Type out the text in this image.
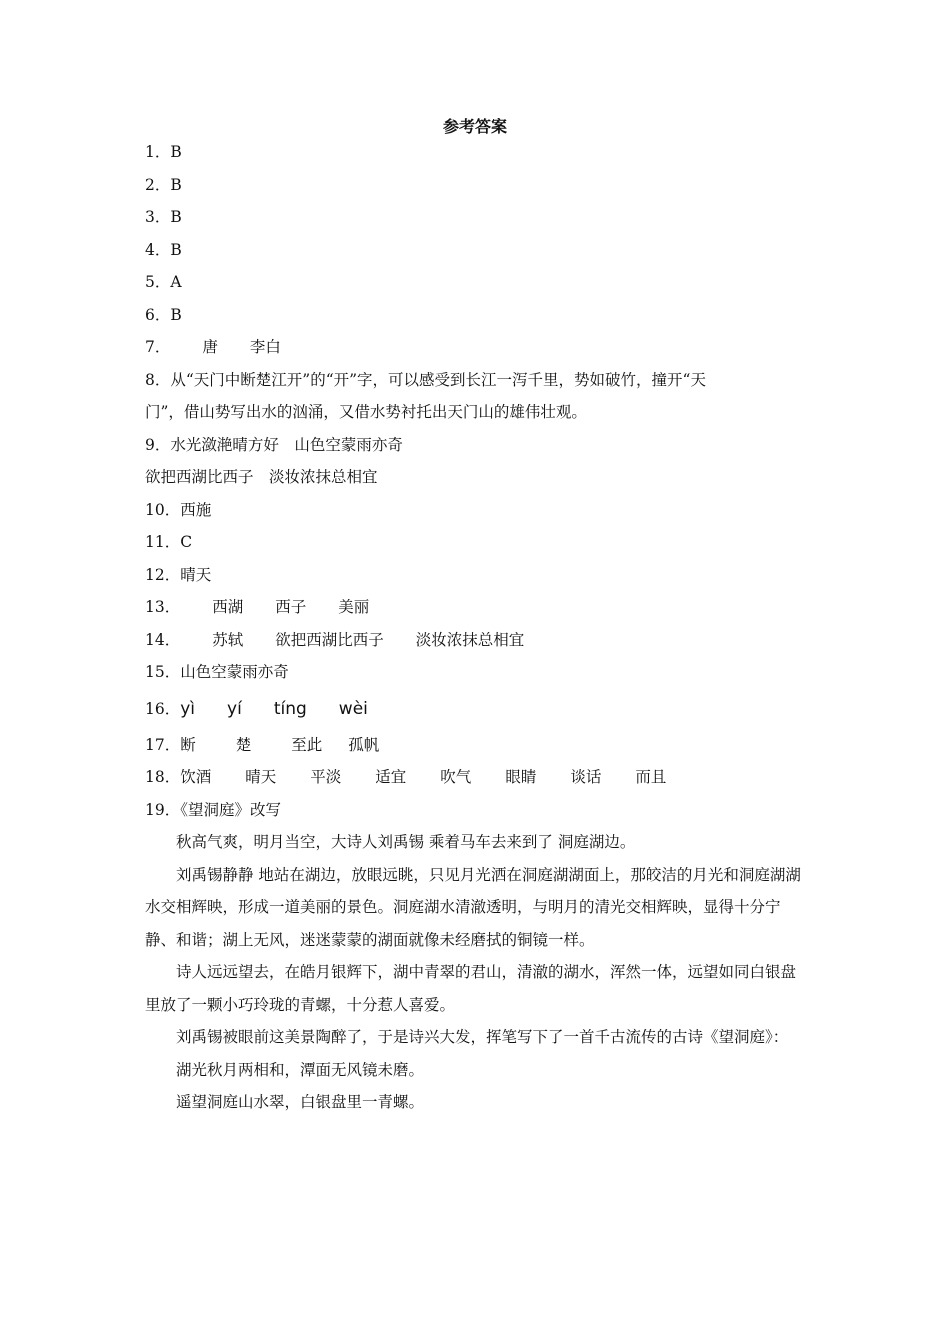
参考答案
1．B
2．B
3．B
4．B
5．A
6．B
7． 唐 李白
8．从“天门中断楚江开”的“开”字，可以感受到长江一泻千里，势如破竹，撞开“天
门”，借山势写出水的汹涌，又借水势衬托出天门山的雄伟壮观。
9．水光潋滟晴方好　山色空蒙雨亦奇
欲把西湖比西子　淡妆浓抹总相宜
10．西施
11．C
12．晴天
13． 西湖 西子 美丽
14． 苏轼 欲把西湖比西子 淡妆浓抹总相宜
15．山色空蒙雨亦奇
16．yì yí tíng wèi
17．断	楚	至此 孤帆
18．饮酒 晴天 平淡 适宜 吹气 眼睛 谈话 而且
19．《望洞庭》改写
秋高气爽，明月当空，大诗人刘禹锡 乘着马车去来到了 洞庭湖边。
刘禹锡静静 地站在湖边，放眼远眺，只见月光洒在洞庭湖湖面上，那皎洁的月光和洞庭湖湖水交相辉映，形成一道美丽的景色。洞庭湖水清澈透明，与明月的清光交相辉映，显得十分宁静、和谐；湖上无风，迷迷蒙蒙的湖面就像未经磨拭的铜镜一样。
诗人远远望去，在皓月银辉下，湖中青翠的君山，清澈的湖水，浑然一体，远望如同白银盘里放了一颗小巧玲珑的青螺，十分惹人喜爱。
刘禹锡被眼前这美景陶醉了，于是诗兴大发，挥笔写下了一首千古流传的古诗《望洞庭》：
湖光秋月两相和，潭面无风镜未磨。
遥望洞庭山水翠，白银盘里一青螺。
